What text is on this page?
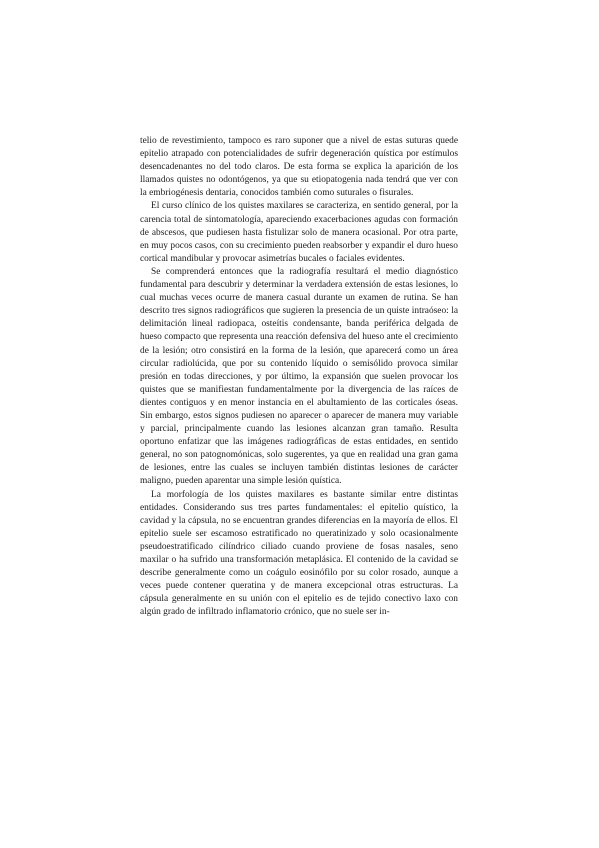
telio de revestimiento, tampoco es raro suponer que a nivel de estas suturas quede epitelio atrapado con potencialidades de sufrir degeneración quística por estímulos desencadenantes no del todo claros. De esta forma se explica la aparición de los llamados quistes no odontógenos, ya que su etiopatogenia nada tendrá que ver con la embriogénesis dentaria, conocidos también como suturales o fisurales.

El curso clínico de los quistes maxilares se caracteriza, en sentido general, por la carencia total de sintomatología, apareciendo exacerbaciones agudas con formación de abscesos, que pudiesen hasta fistulizar solo de manera ocasional. Por otra parte, en muy pocos casos, con su crecimiento pueden reabsorber y expandir el duro hueso cortical mandibular y provocar asimetrías bucales o faciales evidentes.

Se comprenderá entonces que la radiografía resultará el medio diagnóstico fundamental para descubrir y determinar la verdadera extensión de estas lesiones, lo cual muchas veces ocurre de manera casual durante un examen de rutina. Se han descrito tres signos radiográficos que sugieren la presencia de un quiste intraóseo: la delimitación lineal radiopaca, osteítis condensante, banda periférica delgada de hueso compacto que representa una reacción defensiva del hueso ante el crecimiento de la lesión; otro consistirá en la forma de la lesión, que aparecerá como un área circular radiolúcida, que por su contenido líquido o semisólido provoca similar presión en todas direcciones, y por último, la expansión que suelen provocar los quistes que se manifiestan fundamentalmente por la divergencia de las raíces de dientes contiguos y en menor instancia en el abultamiento de las corticales óseas. Sin embargo, estos signos pudiesen no aparecer o aparecer de manera muy variable y parcial, principalmente cuando las lesiones alcanzan gran tamaño. Resulta oportuno enfatizar que las imágenes radiográficas de estas entidades, en sentido general, no son patognomónicas, solo sugerentes, ya que en realidad una gran gama de lesiones, entre las cuales se incluyen también distintas lesiones de carácter maligno, pueden aparentar una simple lesión quística.

La morfología de los quistes maxilares es bastante similar entre distintas entidades. Considerando sus tres partes fundamentales: el epitelio quístico, la cavidad y la cápsula, no se encuentran grandes diferencias en la mayoría de ellos. El epitelio suele ser escamoso estratificado no queratinizado y solo ocasionalmente pseudoestratificado cilíndrico ciliado cuando proviene de fosas nasales, seno maxilar o ha sufrido una transformación metaplásica. El contenido de la cavidad se describe generalmente como un coágulo eosinófilo por su color rosado, aunque a veces puede contener queratina y de manera excepcional otras estructuras. La cápsula generalmente en su unión con el epitelio es de tejido conectivo laxo con algún grado de infiltrado inflamatorio crónico, que no suele ser in-
